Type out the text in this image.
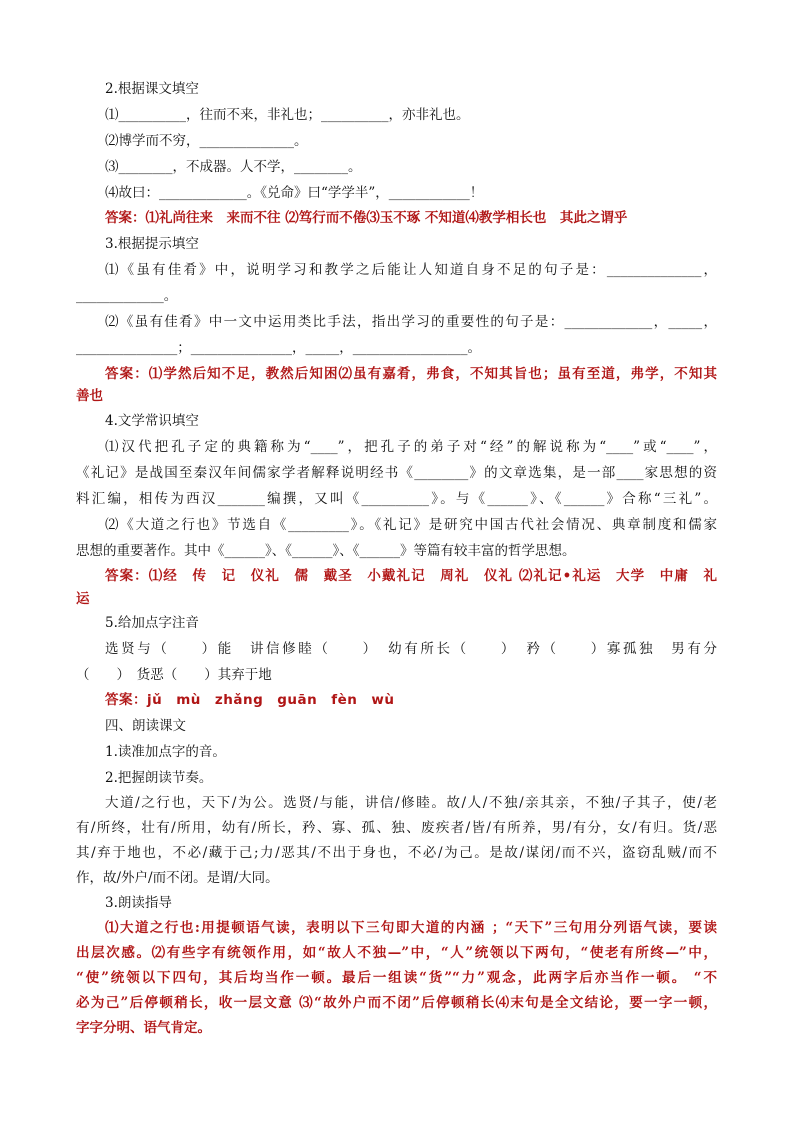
2.根据课文填空
⑴__________，往而不来，非礼也；__________，亦非礼也。
⑵博学而不穷，______________。
⑶________，不成器。人不学，________。
⑷故曰：_____________。《兑命》曰“学学半”，____________！
答案：⑴礼尚往来　来而不往 ⑵笃行而不倦⑶玉不琢 不知道⑷教学相长也　其此之谓乎
3.根据提示填空
⑴《虽有佳肴》中，说明学习和教学之后能让人知道自身不足的句子是：______________，
_____________。
⑵《虽有佳肴》中一文中运用类比手法，指出学习的重要性的句子是：_____________，_____，
_______________；_______________，_____，_________________。
答案：⑴学然后知不足，教然后知困⑵虽有嘉肴，弗食，不知其旨也；虽有至道，弗学，不知其
善也
4.文学常识填空
⑴汉代把孔子定的典籍称为“____”，把孔子的弟子对“经”的解说称为“____”或“____”，
《礼记》是战国至秦汉年间儒家学者解释说明经书《________》的文章选集，是一部____家思想的资
料汇编，相传为西汉_______编撰，又叫《__________》。与《______》、《______》合称“三礼”。
⑵《大道之行也》节选自《_________》。《礼记》是研究中国古代社会情况、典章制度和儒家
思想的重要著作。其中《______》、《______》、《______》等篇有较丰富的哲学思想。
答案：⑴经　传　记　仪礼　儒　戴圣　小戴礼记　周礼　仪礼 ⑵礼记•礼运　大学　中庸　礼
运
5.给加点字注音
选贤与（　　）能　讲信修睦（　　）　幼有所长（　　）　矜（　　）寡孤独　男有分
（　　）　货恶（　　）其弃于地
答案：jǔ　mù　zhǎng　guān　fèn　wù
四、朗读课文
1.读准加点字的音。
2.把握朗读节奏。
大道/之行也，天下/为公。选贤/与能，讲信/修睦。故/人/不独/亲其亲，不独/子其子，使/老
有/所终，壮有/所用，幼有/所长，矜、寡、孤、独、废疾者/皆/有所养，男/有分，女/有归。货/恶
其/弃于地也，不必/藏于己;力/恶其/不出于身也，不必/为己。是故/谋闭/而不兴，盗窃乱贼/而不
作，故/外户/而不闭。是谓/大同。
3.朗读指导
⑴大道之行也:用提顿语气读，表明以下三句即大道的内涵 ；“天下”三句用分列语气读，要读
出层次感。⑵有些字有统领作用，如“故人不独—”中，“人”统领以下两句，“使老有所终—”中，
“使”统领以下四句，其后均当作一顿。最后一组读“货”“力”观念，此两字后亦当作一顿。 “不
必为己”后停顿稍长，收一层文意 ⑶“故外户而不闭”后停顿稍长⑷末句是全文结论，要一字一顿，
字字分明、语气肯定。
